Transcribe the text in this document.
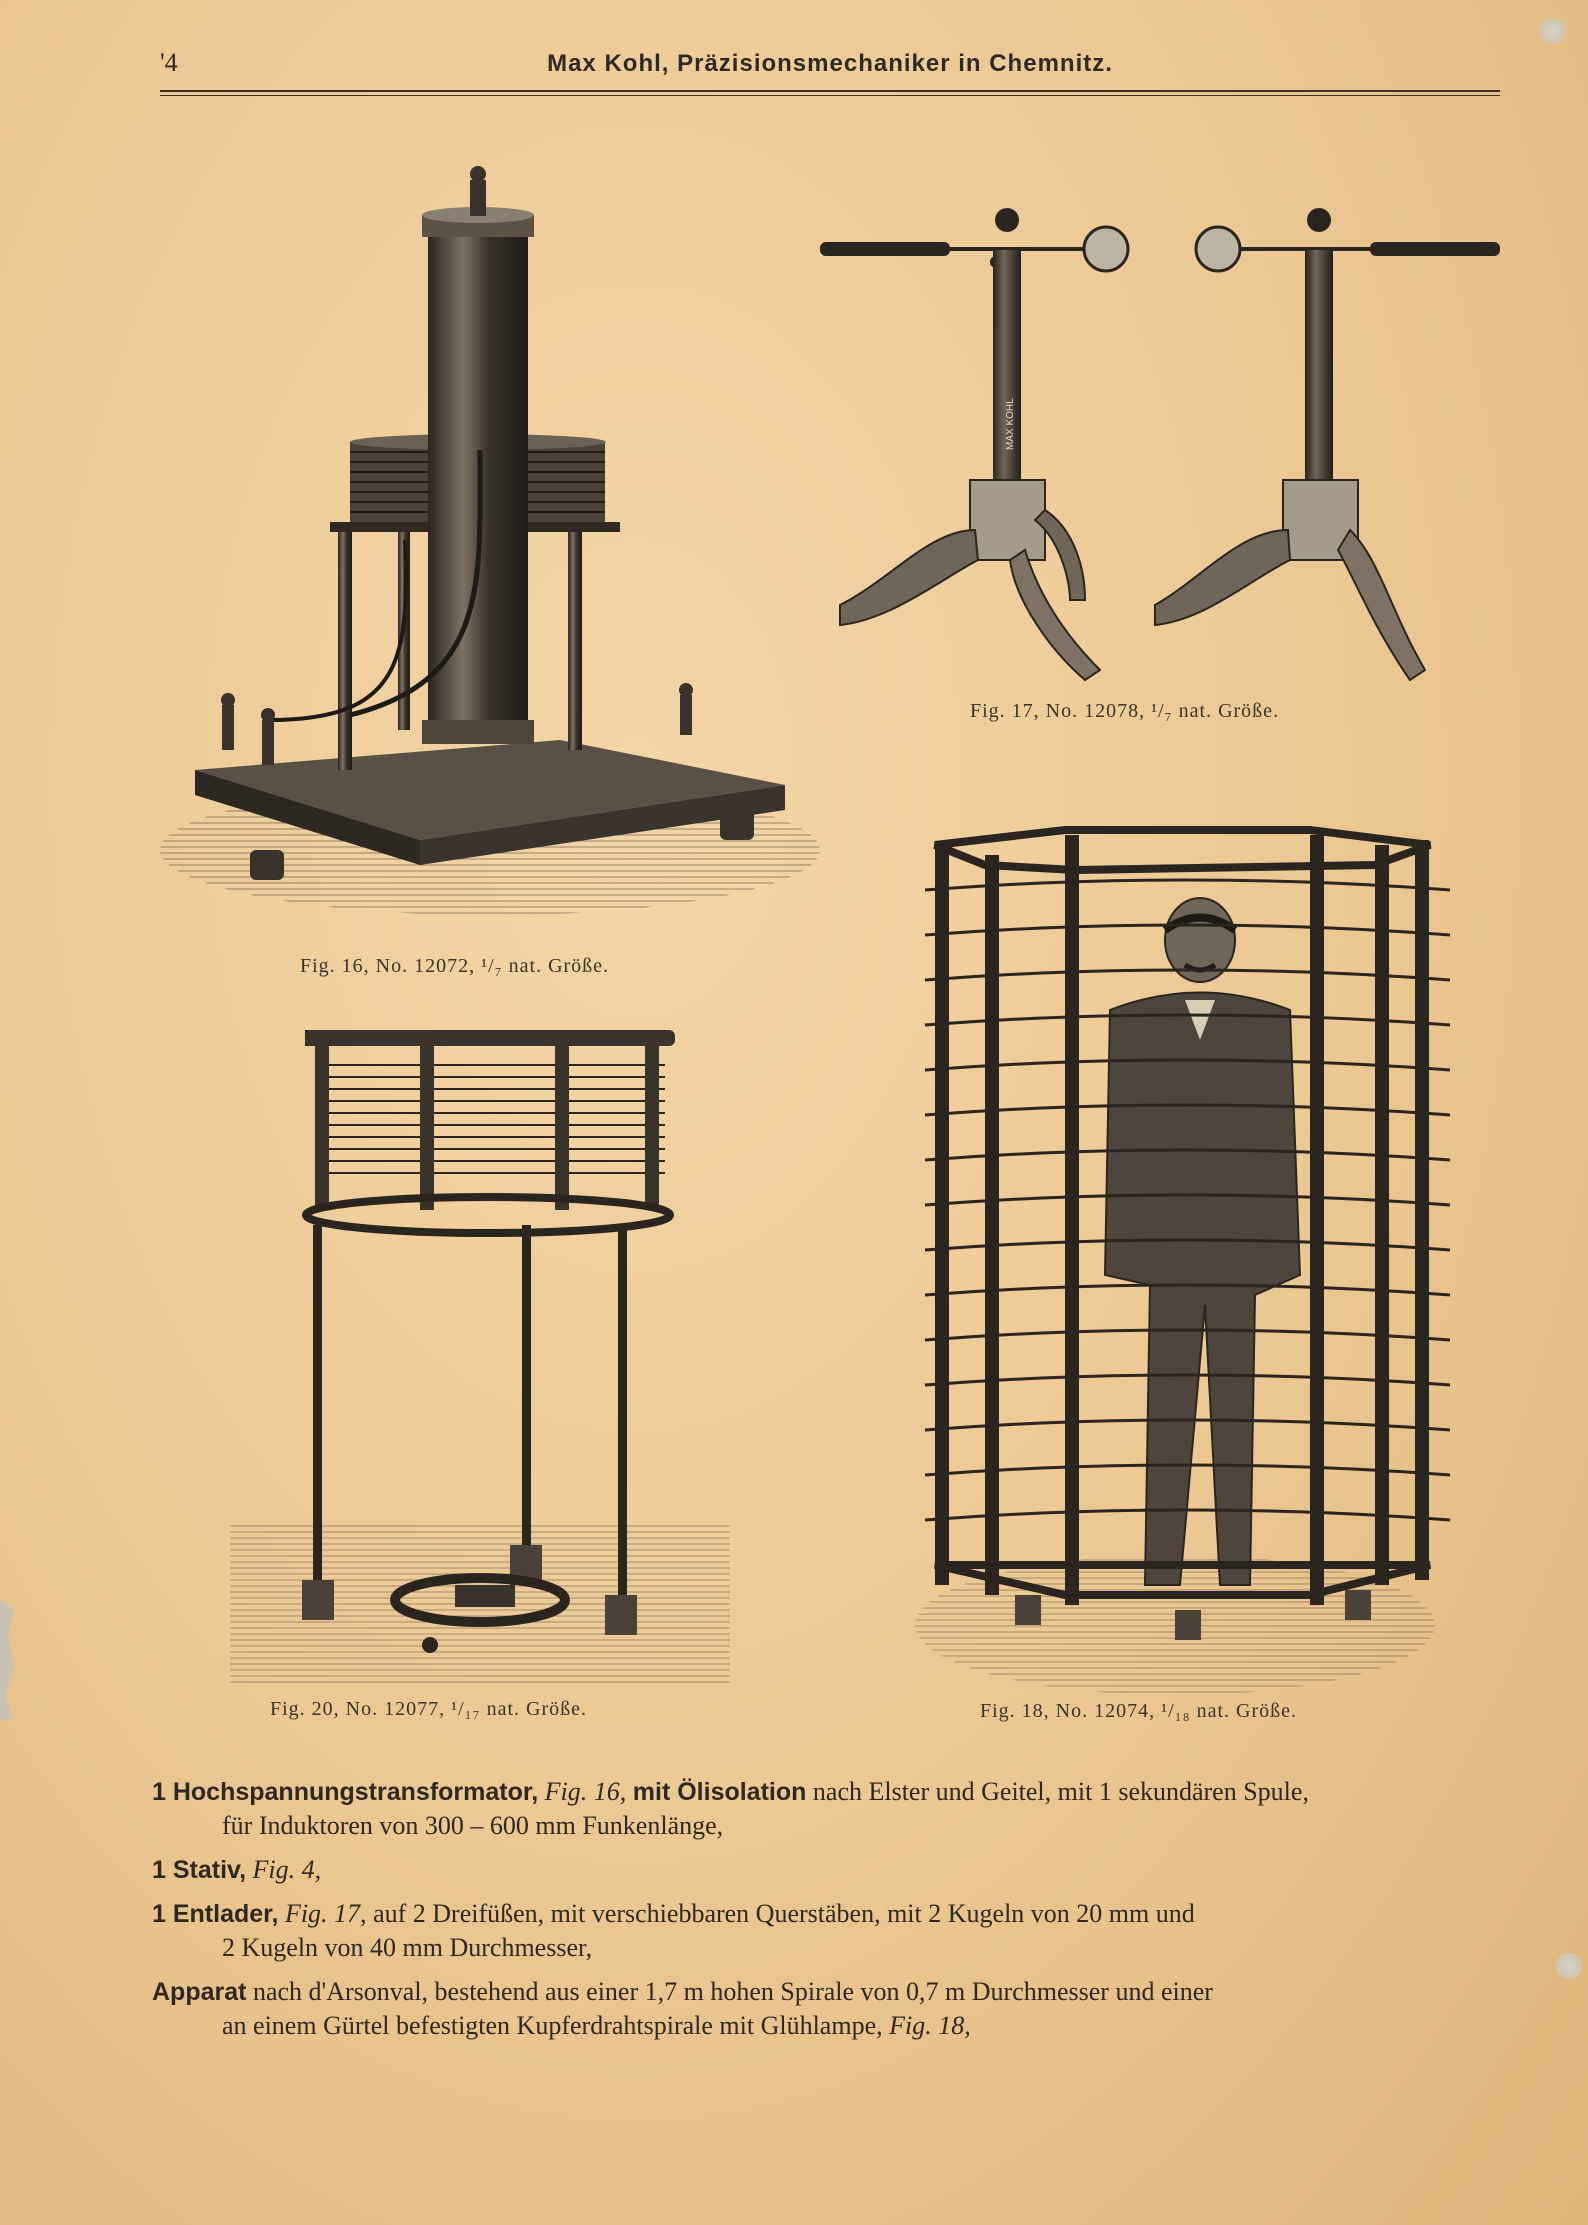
'4	Max Kohl, Präzisionsmechaniker in Chemnitz.
Fig. 16, No. 12072, ¹/₇ nat. Größe.
MAX KOHL
Fig. 17, No. 12078, ¹/₇ nat. Größe.
Fig. 20, No. 12077, ¹/₁₇ nat. Größe.	Fig. 18, No. 12074, ¹/₁₈ nat. Größe.
1 Hochspannungstransformator, Fig. 16, mit Ölisolation nach Elster und Geitel, mit 1 sekundären Spule,
für Induktoren von 300 – 600 mm Funkenlänge,
1 Stativ, Fig. 4,
1 Entlader, Fig. 17, auf 2 Dreifüßen, mit verschiebbaren Querstäben, mit 2 Kugeln von 20 mm und
2 Kugeln von 40 mm Durchmesser,
Apparat nach d'Arsonval, bestehend aus einer 1,7 m hohen Spirale von 0,7 m Durchmesser und einer
an einem Gürtel befestigten Kupferdrahtspirale mit Glühlampe, Fig. 18,
